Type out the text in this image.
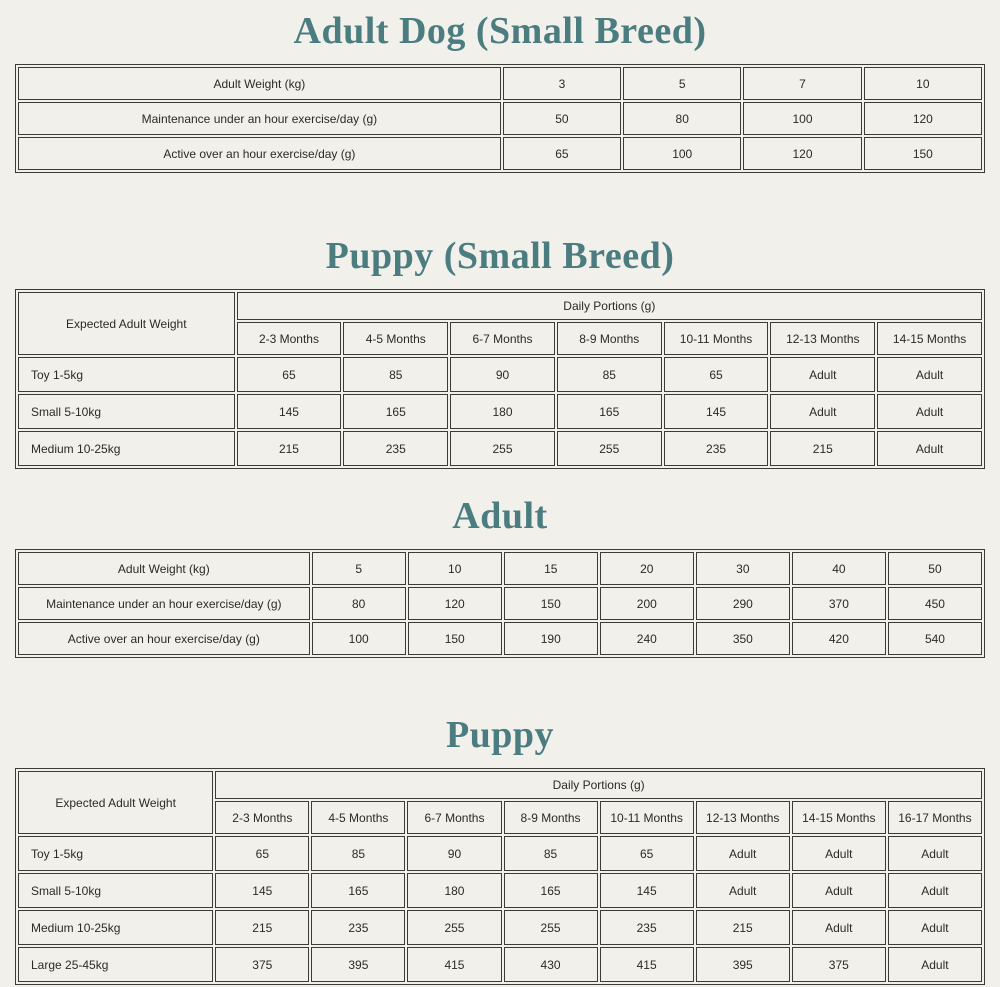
Adult Dog (Small Breed)
Adult Weight (kg)	3	5	7	10
Maintenance under an hour exercise/day (g)	50	80	100	120
Active over an hour exercise/day (g)	65	100	120	150
Puppy (Small Breed)
Expected Adult Weight	Daily Portions (g)						
	2-3 Months	4-5 Months	6-7 Months	8-9 Months	10-11 Months	12-13 Months	14-15 Months
Toy 1-5kg	65	85	90	85	65	Adult	Adult
Small 5-10kg	145	165	180	165	145	Adult	Adult
Medium 10-25kg	215	235	255	255	235	215	Adult
Adult
Adult Weight (kg)	5	10	15	20	30	40	50
Maintenance under an hour exercise/day (g)	80	120	150	200	290	370	450
Active over an hour exercise/day (g)	100	150	190	240	350	420	540
Puppy
Expected Adult Weight	Daily Portions (g)							
	2-3 Months	4-5 Months	6-7 Months	8-9 Months	10-11 Months	12-13 Months	14-15 Months	16-17 Months
Toy 1-5kg	65	85	90	85	65	Adult	Adult	Adult
Small 5-10kg	145	165	180	165	145	Adult	Adult	Adult
Medium 10-25kg	215	235	255	255	235	215	Adult	Adult
Large 25-45kg	375	395	415	430	415	395	375	Adult
